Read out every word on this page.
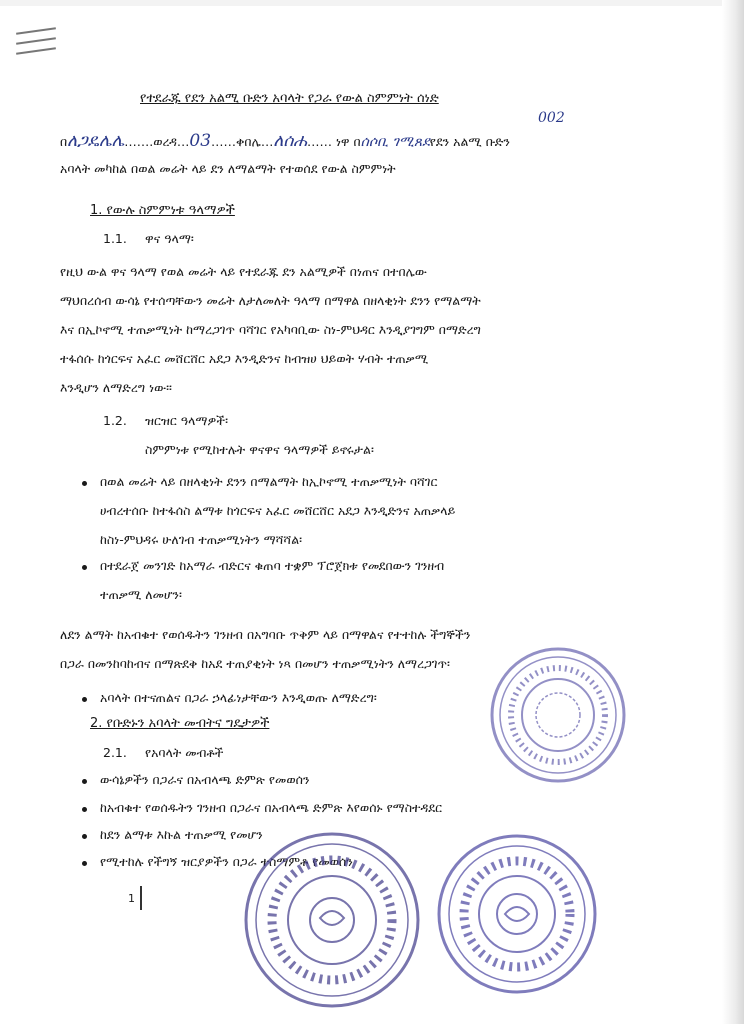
የተደራጁ የደን አልሚ ቡድን አባላት የጋራ የውል ስምምነት ሰነድ
በለጋዴሌሌ…….ወረዳ…03……ቀበሌ…ለሰሐ…… ነዋ በሰሶቢ ገሚጸደየደን አልሚ ቡድን
002
አባላት መካከል በወል መሬት ላይ ደን ለማልማት የተወሰደ የውል ስምምነት
1. የውሉ ስምምነቱ ዓላማዎች
1.1. ዋና ዓላማ፡
የዚህ ውል ዋና ዓላማ የወል መሬት ላይ የተደራጁ ደን አልሚዎች በነጠና በተበሌው
ማህበረሰብ ውሳኔ የተሰጣቸውን መሬት ለታለመለት ዓላማ በማዋል በዘላቂነት ደንን የማልማት
እና በኢኮኖሚ ተጠቃሚነት ከማረጋገጥ ባሻገር የአካባቢው ስነ-ምህዳር እንዲያገግም በማድረግ
ተፋሰሱ ከጎርፍና አፈር መሸርሸር አደጋ እንዲድንና ከብዝሀ ህይወት ሃብት ተጠቃሚ
እንዲሆን ለማድረግ ነው፡፡
1.2. ዝርዝር ዓላማዎች፡
ስምምነቱ የሚከተሉት ዋናዋና ዓላማዎች ይኖሩታል፡
በወል መሬት ላይ በዘላቂነት ደንን በማልማት ከኢኮኖሚ ተጠቃሚነት ባሻገር
ሀብረተሰቡ ከተፋሰስ ልማቱ ከጎርፍና አፈር መሸርሸር አደጋ እንዲድንና አጠቃላይ
ከስነ-ምህዳሩ ሁለገብ ተጠቃሚነትን ማሻሻል፡
በተደራጀ መንገድ ከአማራ ብድርና ቁጠባ ተቋም ፕሮጀክቱ የመደበውን ገንዘብ
ተጠቃሚ ለመሆን፡
ለደን ልማት ከአብቁተ የወሰዱትን ገንዘብ በአግባቡ ጥቅም ላይ በማዋልና የተተከሉ ችግኞችን
በጋራ በመንከባከብና በማጽደቅ ከአደ ተጠያቂነት ነጻ በመሆን ተጠቃሚነትን ለማረጋገጥ፡
አባላት በተናጠልና በጋራ ኃላፊነታቸውን እንዲወጡ ለማድረግ፡
2. የቡድኑን አባላት መብትና ግዴታዎች
2.1. የአባላት መብቶች
ውሳኔዎችን በጋራና በአብላጫ ድምጽ የመወሰን
ከአብቁተ የወሰዱትን ገንዘብ በጋራና በአብላጫ ድምጽ እየወሰኑ የማስተዳደር
ከደን ልማቱ እኩል ተጠቃሚ የመሆን
የሚተከሉ የችግኝ ዝርያዎችን በጋራ ተስማምቶ የመወሰን
1
